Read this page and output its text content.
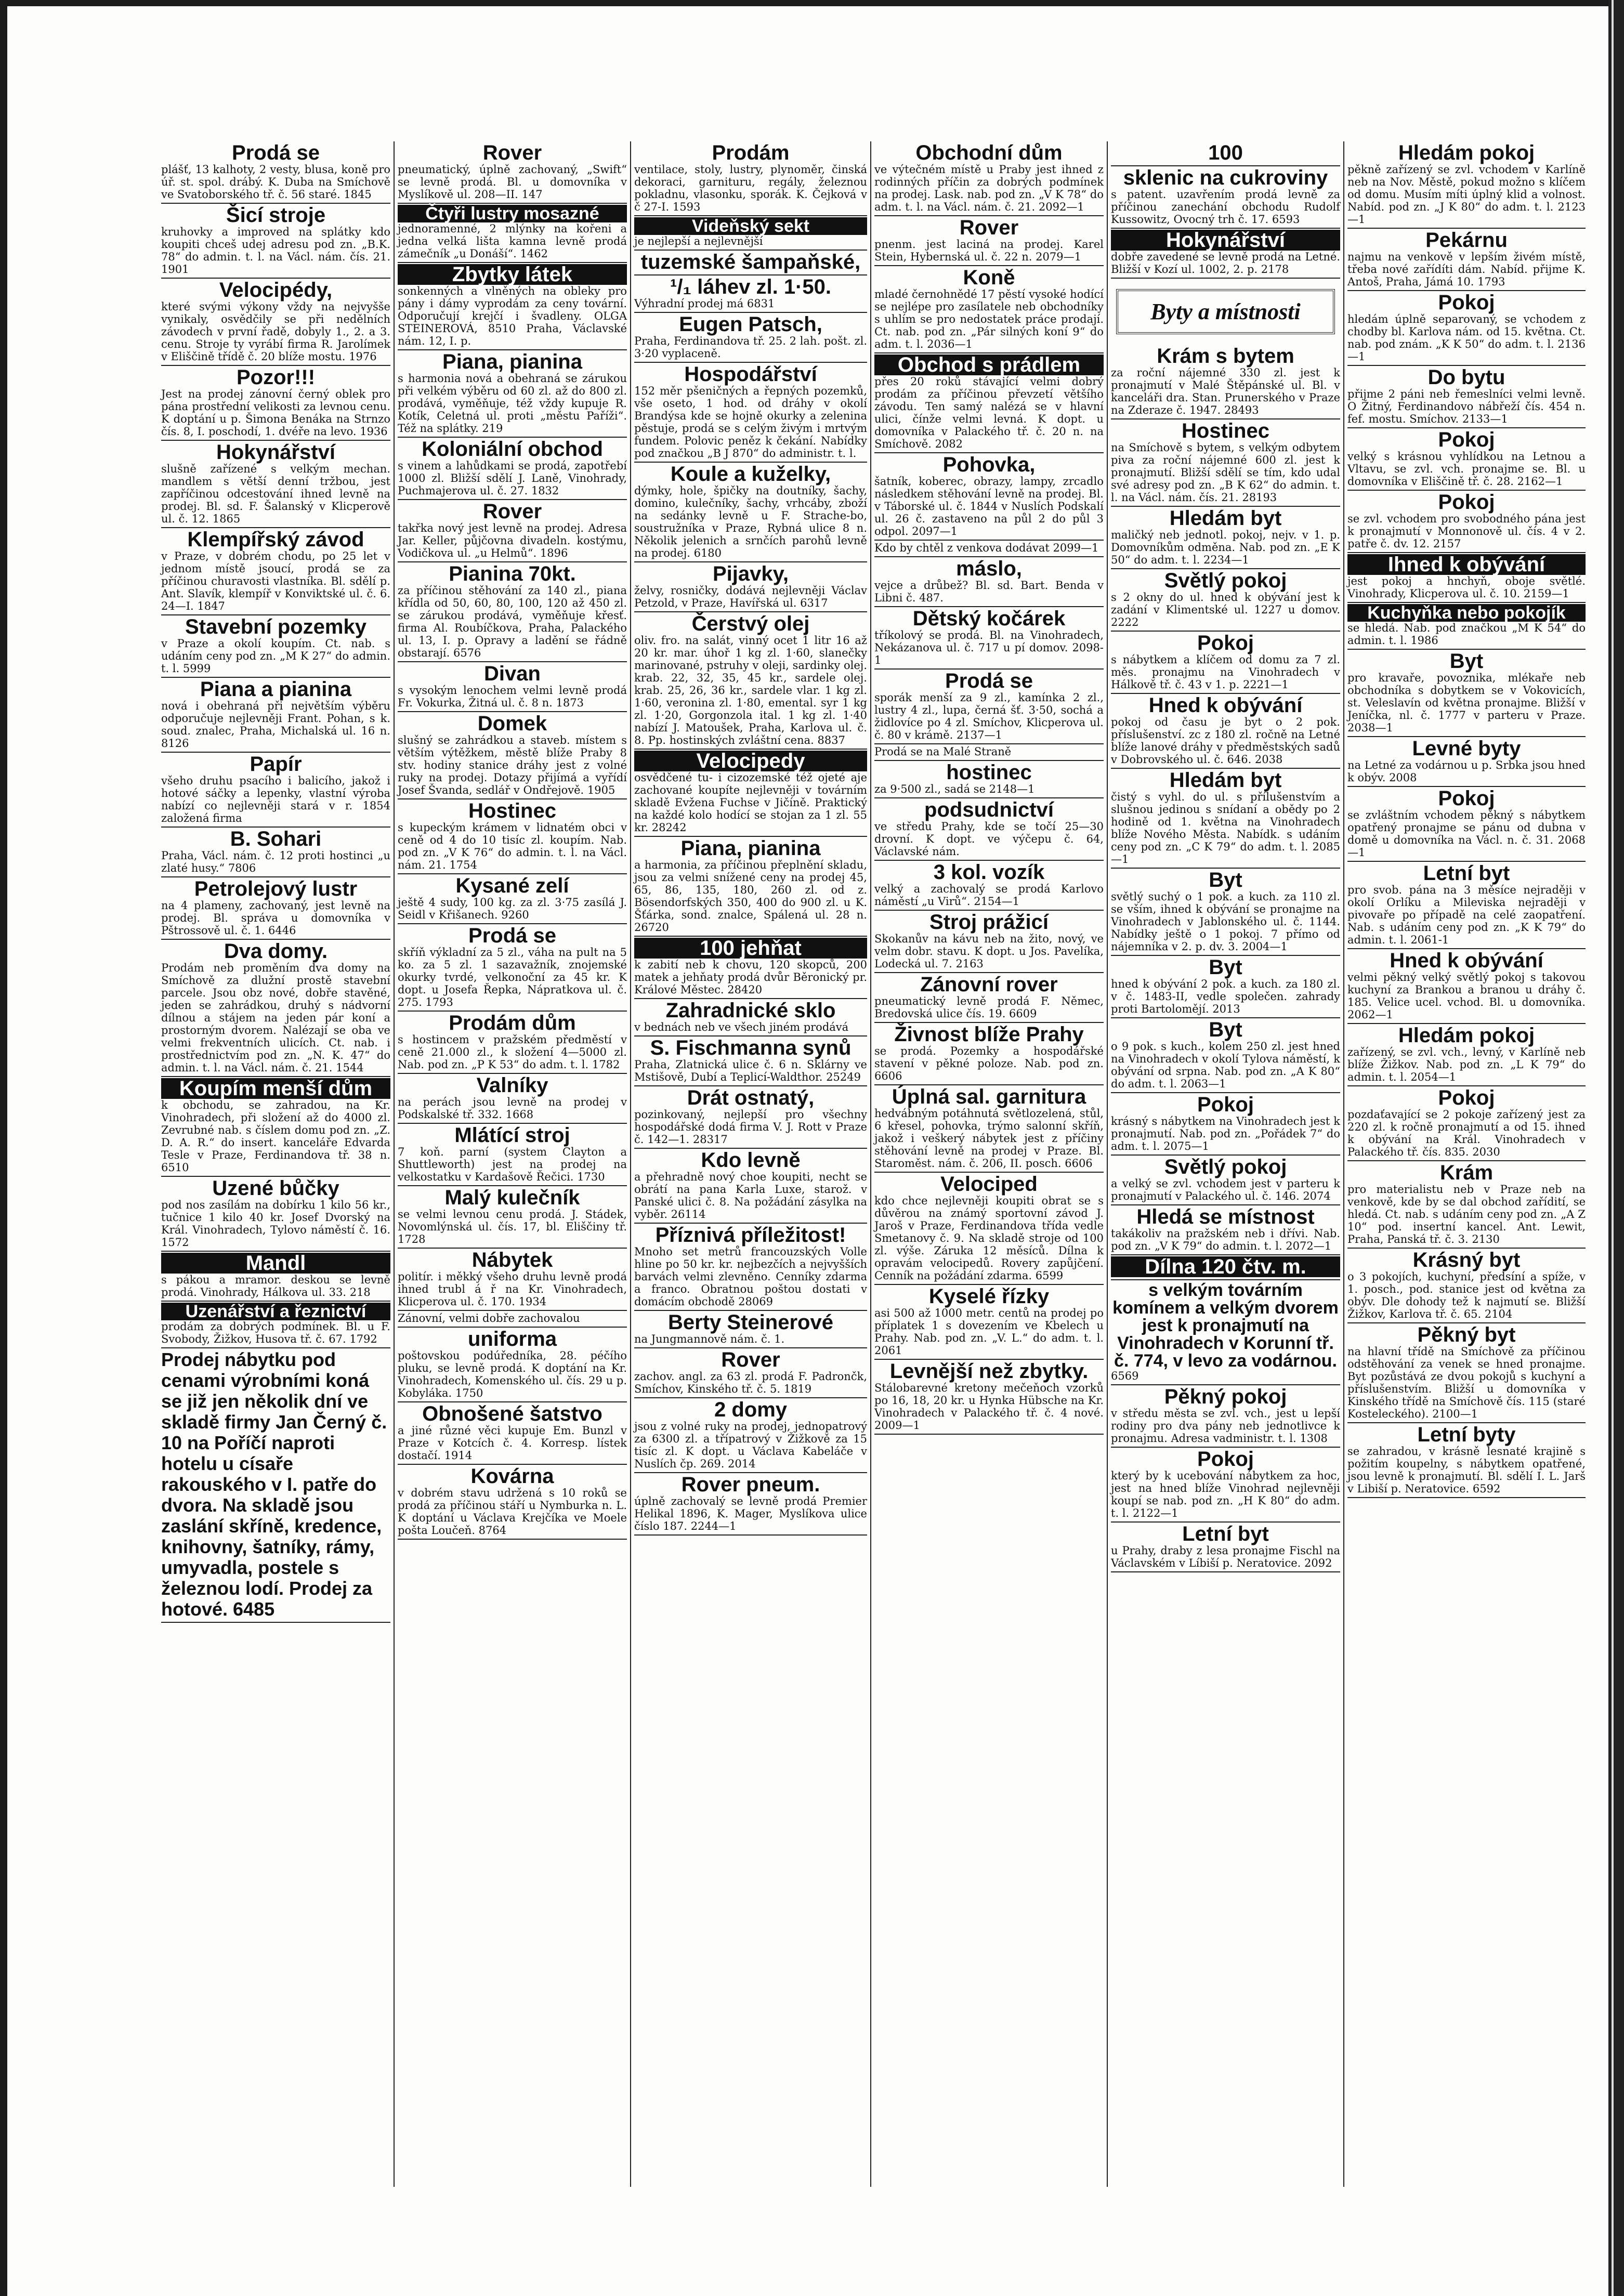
Prodá se

plášť, 13 kalhoty, 2 vesty, blusa, koně pro úř. st. spol. drábý. K. Duba na Smíchově ve Svatoborského tř. č. 56 staré. 1845

Šicí stroje

kruhovky a improved na splátky kdo koupiti chceš udej adresu pod zn. „B.K. 78“ do admin. t. l. na Václ. nám. čís. 21. 1901

Velocipédy,

které svými výkony vždy na nejvyšše vynikaly, osvědčily se při nedělních závodech v první řadě, dobyly 1., 2. a 3. cenu. Stroje ty vyrábí firma R. Jarolímek v Eliščině třídě č. 20 blíže mostu. 1976

Pozor!!!

Jest na prodej zánovní černý oblek pro pána prostřední velikosti za levnou cenu. K doptání u p. Šimona Benáka na Strnzo čís. 8, I. poschodí, 1. dvéře na levo. 1936

Hokynářství

slušně zařízené s velkým mechan. mandlem s větší denní tržbou, jest zapříčinou odcestování ihned levně na prodej. Bl. sd. F. Šalanský v Klicperově ul. č. 12. 1865

Klempířský závod

v Praze, v dobrém chodu, po 25 let v jednom místě jsoucí, prodá se za příčinou churavosti vlastníka. Bl. sdělí p. Ant. Slavík, klempíř v Konviktské ul. č. 6. 24—I. 1847

Stavební pozemky

v Praze a okolí koupím. Ct. nab. s udáním ceny pod zn. „M K 27“ do admin. t. l. 5999

Piana a pianina

nová i obehraná při největším výběru odporučuje nejlevněji Frant. Pohan, s k. soud. znalec, Praha, Michalská ul. 16 n. 8126

Papír

všeho druhu psacího i balicího, jakož i hotové sáčky a lepenky, vlastní výroba nabízí co nejlevněji stará v r. 1854 založená firma

B. Sohari

Praha, Václ. nám. č. 12 proti hostinci „u zlaté husy.“ 7806

Petrolejový lustr

na 4 plameny, zachovaný, jest levně na prodej. Bl. správa u domovníka v Pštrossově ul. č. 1. 6446

Dva domy.

Prodám neb proměním dva domy na Smíchově za dlužní prostě stavební parcele. Jsou obz nové, dobře stavěné, jeden se zahrádkou, druhý s nádvorní dílnou a stájem na jeden pár koní a prostorným dvorem. Nalézají se oba ve velmi frekventních ulicích. Ct. nab. i prostřednictvím pod zn. „N. K. 47“ do admin. t. l. na Václ. nám. č. 21. 1544

Koupím menší dům

k obchodu, se zahradou, na Kr. Vinohradech, při složení až do 4000 zl. Zevrubné nab. s číslem domu pod zn. „Z. D. A. R.“ do insert. kanceláře Edvarda Tesle v Praze, Ferdinandova tř. 38 n. 6510

Uzené bůčky

pod nos zasílám na dobírku 1 kilo 56 kr., tučnice 1 kilo 40 kr. Josef Dvorský na Král. Vinohradech, Tylovo náměstí č. 16. 1572

Mandl

s pákou a mramor. deskou se levně prodá. Vinohrady, Hálkova ul. 33. 218

Uzenářství a řeznictví

prodám za dobrých podmínek. Bl. u F. Svobody, Žižkov, Husova tř. č. 67. 1792

Prodej nábytku pod cenami výrobními koná se již jen několik dní ve skladě firmy Jan Černý č. 10 na Poříčí naproti hotelu u císaře rakouského v I. patře do dvora. Na skladě jsou zaslání skříně, kredence, knihovny, šatníky, rámy, umyvadla, postele s železnou lodí. Prodej za hotové. 6485

Rover

pneumatický, úplně zachovaný, „Swift“ se levně prodá. Bl. u domovníka v Myslíkově ul. 208—II. 147

Čtyři lustry mosazné

jednoramenné, 2 mlýnky na kořeni a jedna velká lišta kamna levně prodá zámečník „u Donáší“. 1462

Zbytky látek

sonkenných a vlněných na obleky pro pány i dámy vyprodám za ceny tovární. Odporučují krejčí i švadleny. OLGA STEINEROVÁ, 8510 Praha, Václavské nám. 12, I. p.

Piana, pianina

s harmonia nová a obehraná se zárukou při velkém výběru od 60 zl. až do 800 zl. prodává, vyměňuje, též vždy kupuje R. Kotík, Celetná ul. proti „městu Paříži“. Též na splátky. 219

Koloniální obchod

s vinem a lahůdkami se prodá, zapotřebí 1000 zl. Bližší sdělí J. Laně, Vinohrady, Puchmajerova ul. č. 27. 1832

Rover

takřka nový jest levně na prodej. Adresa Jar. Keller, půjčovna divadeln. kostýmu, Vodičkova ul. „u Helmů“. 1896

Pianina 70kt.

za příčinou stěhování za 140 zl., piana křídla od 50, 60, 80, 100, 120 až 450 zl. se zárukou prodává, vyměňuje křesť. firma Al. Roubíčkova, Praha, Palackého ul. 13, I. p. Opravy a ladění se řádně obstarají. 6576

Divan

s vysokým lenochem velmi levně prodá Fr. Vokurka, Žitná ul. č. 8 n. 1873

Domek

slušný se zahrádkou a staveb. místem s větším výtěžkem, městě blíže Praby 8 stv. hodiny stanice dráhy jest z volné ruky na prodej. Dotazy přijímá a vyřídí Josef Švanda, sedlář v Ondřejově. 1905

Hostinec

s kupeckým krámem v lidnatém obci v ceně od 4 do 10 tisíc zl. koupím. Nab. pod zn. „V K 76“ do admin. t. l. na Václ. nám. 21. 1754

Kysané zelí

ještě 4 sudy, 100 kg. za zl. 3·75 zasílá J. Seidl v Křišanech. 9260

Prodá se

skříň výkladní za 5 zl., váha na pult na 5 ko. za 5 zl. 1 sazavažník, znojemské okurky tvrdé, velkonoční za 45 kr. K dopt. u Josefa Řepka, Nápratkova ul. č. 275. 1793

Prodám dům

s hostincem v pražském předměstí v ceně 21.000 zl., k složení 4—5000 zl. Nab. pod zn. „P K 53“ do adm. t. l. 1782

Valníky

na perách jsou levně na prodej v Podskalské tř. 332. 1668

Mlátící stroj

7 koň. parní (system Clayton a Shuttleworth) jest na prodej na velkostatku v Kardašově Řečici. 1730

Malý kulečník

se velmi levnou cenu prodá. J. Stádek, Novomlýnská ul. čís. 17, bl. Eliščiny tř. 1728

Nábytek

politír. i měkký všeho druhu levně prodá ihned trubl á ř na Kr. Vinohradech, Klicperova ul. č. 170. 1934

Zánovní, velmi dobře zachovalou

uniforma

poštovskou podúředníka, 28. péčího pluku, se levně prodá. K doptání na Kr. Vinohradech, Komenského ul. čís. 29 u p. Kobyláka. 1750

Obnošené šatstvo

a jiné různé věci kupuje Em. Bunzl v Praze v Kotcích č. 4. Korresp. lístek dostačí. 1914

Kovárna

v dobrém stavu udržená s 10 roků se prodá za příčinou stáří u Nymburka n. L. K doptání u Václava Krejčíka ve Moele pošta Loučeň. 8764

Prodám

ventilace, stoly, lustry, plynoměr, činská dekoraci, garnituru, regály, železnou pokladnu, vlasonku, sporák. K. Čejková v č 27-I. 1593

Videňský sekt

je nejlepší a nejlevnější

tuzemské šampaňské,
¹/₁ láhev zl. 1·50.

Výhradní prodej má 6831

Eugen Patsch,

Praha, Ferdinandova tř. 25. 2 lah. pošt. zl. 3·20 vyplaceně.

Hospodářství

152 měr pšeničných a řepných pozemků, vše oseto, 1 hod. od dráhy v okolí Brandýsa kde se hojně okurky a zelenina pěstuje, prodá se s celým živým i mrtvým fundem. Polovic peněz k čekání. Nabídky pod značkou „B J 870“ do administr. t. l.

Koule a kuželky,

dýmky, hole, špičky na doutníky, šachy, domino, kulečníky, šachy, vrhcáby, zboží na sedánky levně u F. Strache-bo, soustružníka v Praze, Rybná ulice 8 n. Několik jelenich a srnčích parohů levně na prodej. 6180

Pijavky,

želvy, rosničky, dodává nejlevněji Václav Petzold, v Praze, Havířská ul. 6317

Čerstvý olej

oliv. fro. na salát, vinný ocet 1 litr 16 až 20 kr. mar. úhoř 1 kg zl. 1·60, slanečky marinované, pstruhy v oleji, sardinky olej. krab. 22, 32, 35, 45 kr., sardele olej. krab. 25, 26, 36 kr., sardele vlar. 1 kg zl. 1·60, veronina zl. 1·80, emental. syr 1 kg zl. 1·20, Gorgonzola ital. 1 kg zl. 1·40 nabízí J. Matoušek, Praha, Karlova ul. č. 8. Pp. hostinských zvláštní cena. 8837

Velocipedy

osvědčené tu- i cizozemské též ojeté aje zachované koupíte nejlevněji v továrním skladě Evžena Fuchse v Jičíně. Praktický na každé kolo hodící se stojan za 1 zl. 55 kr. 28242

Piana, pianina

a harmonia, za příčinou přeplnění skladu, jsou za velmi snížené ceny na prodej 45, 65, 86, 135, 180, 260 zl. od z. Bösendorfských 350, 400 do 900 zl. u K. Šťárka, sond. znalce, Spálená ul. 28 n. 26720

100 jehňat

k zabití neb k chovu, 120 skopců, 200 matek a jehňaty prodá dvůr Běronický pr. Králové Městec. 28420

Zahradnické sklo

v bednách neb ve všech jiném prodává

S. Fischmanna synů

Praha, Zlatnická ulice č. 6 n. Sklárny ve Mstišově, Dubí a Teplicí-Waldthor. 25249

Drát ostnatý,

pozinkovaný, nejlepší pro všechny hospodářské dodá firma V. J. Rott v Praze č. 142—1. 28317

Kdo levně

a přehradně nový choe koupiti, necht se obrátí na pana Karla Luxe, starož. v Panské ulici č. 8. Na požádání zásylka na vyběr. 26114

Příznivá příležitost!

Mnoho set metrů francouzských Volle hline po 50 kr. kr. nejbezčích a nejvyšších barvách velmi zlevněno. Cenníky zdarma a franco. Obratnou poštou dostati v domácím obchodě 28069

Berty Steinerové

na Jungmannově nám. č. 1.

Rover

zachov. angl. za 63 zl. prodá F. Padrončk, Smíchov, Kinského tř. č. 5. 1819

2 domy

jsou z volné ruky na prodej, jednopatrový za 6300 zl. a třípatrový v Žižkově za 15 tisíc zl. K dopt. u Václava Kabeláče v Nuslích čp. 269. 2014

Rover pneum.

úplně zachovalý se levně prodá Premier Helikal 1896, K. Mager, Myslíkova ulice číslo 187. 2244—1

Obchodní dům

ve výtečném místě u Praby jest ihned z rodinných příčin za dobrých podmínek na prodej. Lask. nab. pod zn. „V K 78“ do adm. t. l. na Václ. nám. č. 21. 2092—1

Rover

pnenm. jest laciná na prodej. Karel Stein, Hybernská ul. č. 22 n. 2079—1

Koně

mladé černohnědé 17 pěstí vysoké hodící se nejlépe pro zasílatele neb obchodníky s uhlím se pro nedostatek práce prodají. Ct. nab. pod zn. „Pár silných koní 9“ do adm. t. l. 2036—1

Obchod s prádlem

přes 20 roků stávající velmi dobrý prodám za příčinou převzetí většího závodu. Ten samý nalézá se v hlavní ulici, čínže velmi levná. K dopt. u domovníka v Palackého tř. č. 20 n. na Smíchově. 2082

Pohovka,

šatník, koberec, obrazy, lampy, zrcadlo následkem stěhování levně na prodej. Bl. v Táborské ul. č. 1844 v Nuslích Podskalí ul. 26 č. zastaveno na půl 2 do půl 3 odpol. 2097—1

Kdo by chtěl z venkova dodávat 2099—1

máslo,

vejce a drůbež? Bl. sd. Bart. Benda v Libni č. 487.

Dětský kočárek

tříkolový se prodá. Bl. na Vinohradech, Nekázanova ul. č. 717 u pí domov. 2098-1

Prodá se

sporák menší za 9 zl., kamínka 2 zl., lustry 4 zl., lupa, černá šť. 3·50, sochá a židlovíce po 4 zl. Smíchov, Klicperova ul. č. 80 v krámě. 2137—1

Prodá se na Malé Straně

hostinec

za 9·500 zl., sadá se 2148—1

podsudnictví

ve středu Prahy, kde se točí 25—30 drovní. K dopt. ve výčepu č. 64, Václavské nám.

3 kol. vozík

velký a zachovalý se prodá Karlovo náměstí „u Virů“. 2154—1

Stroj prážicí

Skokanův na kávu neb na žito, nový, ve velm dobr. stavu. K dopt. u Jos. Pavelíka, Lodecká ul. 7. 2163

Zánovní rover

pneumatický levně prodá F. Němec, Bredovská ulice čís. 19. 6609

Živnost blíže Prahy

se prodá. Pozemky a hospodářské stavení v pěkné poloze. Nab. pod zn. 6606

Úplná sal. garnitura

hedvábným potáhnutá světlozelená, stůl, 6 křesel, pohovka, trýmo salonní skříň, jakož i veškerý nábytek jest z příčiny stěhování levně na prodej v Praze. Bl. Staroměst. nám. č. 206, II. posch. 6606

Velociped

kdo chce nejlevněji koupiti obrat se s důvěrou na známý sportovní závod J. Jaroš v Praze, Ferdinandova třída vedle Smetanovy č. 9. Na skladě stroje od 100 zl. výše. Záruka 12 měsíců. Dílna k opravám velocipedů. Rovery zapůjčení. Cenník na požádání zdarma. 6599

Kyselé řízky

asi 500 až 1000 metr. centů na prodej po příplatek 1 s dovezením ve Kbelech u Prahy. Nab. pod zn. „V. L.“ do adm. t. l. 2061

Levnější než zbytky.

Stálobarevné kretony mečeňoch vzorků po 16, 18, 20 kr. u Hynka Hübsche na Kr. Vinohradech v Palackého tř. č. 4 nové. 2009—1

100
sklenic na cukroviny

s patent. uzavřením prodá levně za příčinou zanechání obchodu Rudolf Kussowitz, Ovocný trh č. 17. 6593

Hokynářství

dobře zavedené se levně prodá na Letné. Bližší v Kozí ul. 1002, 2. p. 2178

Byty a místnosti
Krám s bytem

za roční nájemné 330 zl. jest k pronajmutí v Malé Štěpánské ul. Bl. v kanceláři dra. Stan. Prunerského v Praze na Zderaze č. 1947. 28493

Hostinec

na Smíchově s bytem, s velkým odbytem piva za roční nájemné 600 zl. jest k pronajmutí. Bližší sdělí se tím, kdo udal své adresy pod zn. „B K 62“ do admin. t. l. na Václ. nám. čís. 21. 28193

Hledám byt

maličký neb jednotl. pokoj, nejv. v 1. p. Domovníkům odměna. Nab. pod zn. „E K 50“ do adm. t. l. 2234—1

Světlý pokoj

s 2 okny do ul. hned k obývání jest k zadání v Klimentské ul. 1227 u domov. 2222

Pokoj

s nábytkem a klíčem od domu za 7 zl. měs. pronajmu na Vinohradech v Hálkově tř. č. 43 v 1. p. 2221—1

Hned k obývání

pokoj od času je byt o 2 pok. příslušenství. zc z 180 zl. ročně na Letné blíže lanové dráhy v předměstských sadů v Dobrovského ul. č. 646. 2038

Hledám byt

čistý s vyhl. do ul. s přílušenstvím a slušnou jedinou s snídaní a obědy po 2 hodině od 1. května na Vinohradech blíže Nového Města. Nabídk. s udáním ceny pod zn. „C K 79“ do adm. t. l. 2085—1

Byt

světlý suchý o 1 pok. a kuch. za 110 zl. se vším, ihned k obývání se pronajme na Vinohradech v Jablonského ul. č. 1144. Nabídky ještě o 1 pokoj. 7 přímo od nájemníka v 2. p. dv. 3. 2004—1

Byt

hned k obývání 2 pok. a kuch. za 180 zl. v č. 1483-II, vedle společen. zahrady proti Bartolomějí. 2013

Byt

o 9 pok. s kuch., kolem 250 zl. jest hned na Vinohradech v okolí Tylova náměstí, k obývání od srpna. Nab. pod zn. „A K 80“ do adm. t. l. 2063—1

Pokoj

krásný s nábytkem na Vinohradech jest k pronajmutí. Nab. pod zn. „Pořádek 7“ do adm. t. l. 2075—1

Světlý pokoj

a velký se zvl. vchodem jest v parteru k pronajmutí v Palackého ul. č. 146. 2074

Hledá se místnost

takákoliv na pražském neb i dřívi. Nab. pod zn. „V K 79“ do admin. t. l. 2072—1

Dílna 120 čtv. m.
s velkým továrním komínem a velkým dvorem jest k pronajmutí na Vinohradech v Korunní tř. č. 774, v levo za vodárnou.

6569

Pěkný pokoj

v středu města se zvl. vch., jest u lepší rodiny pro dva pány neb jednotlivce k pronajmu. Adresa vadministr. t. l. 1308

Pokoj

který by k ucebování nábytkem za hoc, jest na hned blíže Vinohrad nejlevněji koupí se nab. pod zn. „H K 80“ do adm. t. l. 2122—1

Letní byt

u Prahy, draby z lesa pronajme Fischl na Václavském v Líbiší p. Neratovice. 2092

Hledám pokoj

pěkně zařízený se zvl. vchodem v Karlíně neb na Nov. Městě, pokud možno s klíčem od domu. Musím míti úplný klid a volnost. Nabíd. pod zn. „J K 80“ do adm. t. l. 2123—1

Pekárnu

najmu na venkově v lepším živém místě, třeba nové zařídíti dám. Nabíd. přijme K. Antoš, Praha, Jámá 10. 1793

Pokoj

hledám úplně separovaný, se vchodem z chodby bl. Karlova nám. od 15. května. Ct. nab. pod znám. „K K 50“ do adm. t. l. 2136—1

Do bytu

přijme 2 páni neb řemeslníci velmi levně. O Žitný, Ferdinandovo nábřeží čís. 454 n. fef. mostu. Smíchov. 2133—1

Pokoj

velký s krásnou vyhlídkou na Letnou a Vltavu, se zvl. vch. pronajme se. Bl. u domovníka v Eliščině tř. č. 28. 2162—1

Pokoj

se zvl. vchodem pro svobodného pána jest k pronajmutí v Monnonově ul. čís. 4 v 2. patře č. dv. 12. 2157

Ihned k obývání

jest pokoj a hnchyň, oboje světlé. Vinohrady, Klicperova ul. č. 10. 2159—1

Kuchyňka nebo pokojík

se hledá. Nab. pod značkou „M K 54“ do admin. t. l. 1986

Byt

pro kravaře, povoznika, mlékaře neb obchodníka s dobytkem se v Vokovicích, st. Veleslavín od května pronajme. Bližší v Jeníčka, nl. č. 1777 v parteru v Praze. 2038—1

Levné byty

na Letné za vodárnou u p. Srbka jsou hned k obýv. 2008

Pokoj

se zvláštním vchodem pěkný s nábytkem opatřený pronajme se pánu od dubna v domě u domovníka na Václ. n. č. 31. 2068—1

Letní byt

pro svob. pána na 3 měsíce nejraději v okolí Orlíku a Mileviska nejraději v pivovaře po případě na celé zaopatření. Nab. s udáním ceny pod zn. „K K 79“ do admin. t. l. 2061-1

Hned k obývání

velmi pěkný velký světlý pokoj s takovou kuchyní za Brankou a branou u dráhy č. 185. Velice ucel. vchod. Bl. u domovníka. 2062—1

Hledám pokoj

zařízený, se zvl. vch., levný, v Karlíně neb blíže Žižkov. Nab. pod zn. „L K 79“ do admin. t. l. 2054—1

Pokoj

pozdaťavající se 2 pokoje zařízený jest za 220 zl. k ročně pronajmutí a od 15. ihned k obývání na Král. Vinohradech v Palackého tř. čís. 835. 2030

Krám

pro materialistu neb v Praze neb na venkově, kde by se dal obchod zařídití, se hledá. Ct. nab. s udáním ceny pod zn. „A Z 10“ pod. insertní kancel. Ant. Lewit, Praha, Panská tř. č. 3. 2130

Krásný byt

o 3 pokojích, kuchyní, předsíní a spíže, v 1. posch., pod. stanice jest od května za obýv. Dle dohody tež k najmutí se. Bližší Žižkov, Karlova tř. č. 65. 2104

Pěkný byt

na hlavní třídě na Smíchově za příčinou odstěhování za venek se hned pronajme. Byt pozůstává ze dvou pokojů s kuchyní a příslušenstvím. Bližší u domovníka v Kinského třídě na Smíchově čís. 115 (staré Kosteleckého). 2100—1

Letní byty

se zahradou, v krásně lesnaté krajině s požitím koupelny, s nábytkem opatřené, jsou levně k pronajmutí. Bl. sdělí I. L. Jarš v Libiší p. Neratovice. 6592
